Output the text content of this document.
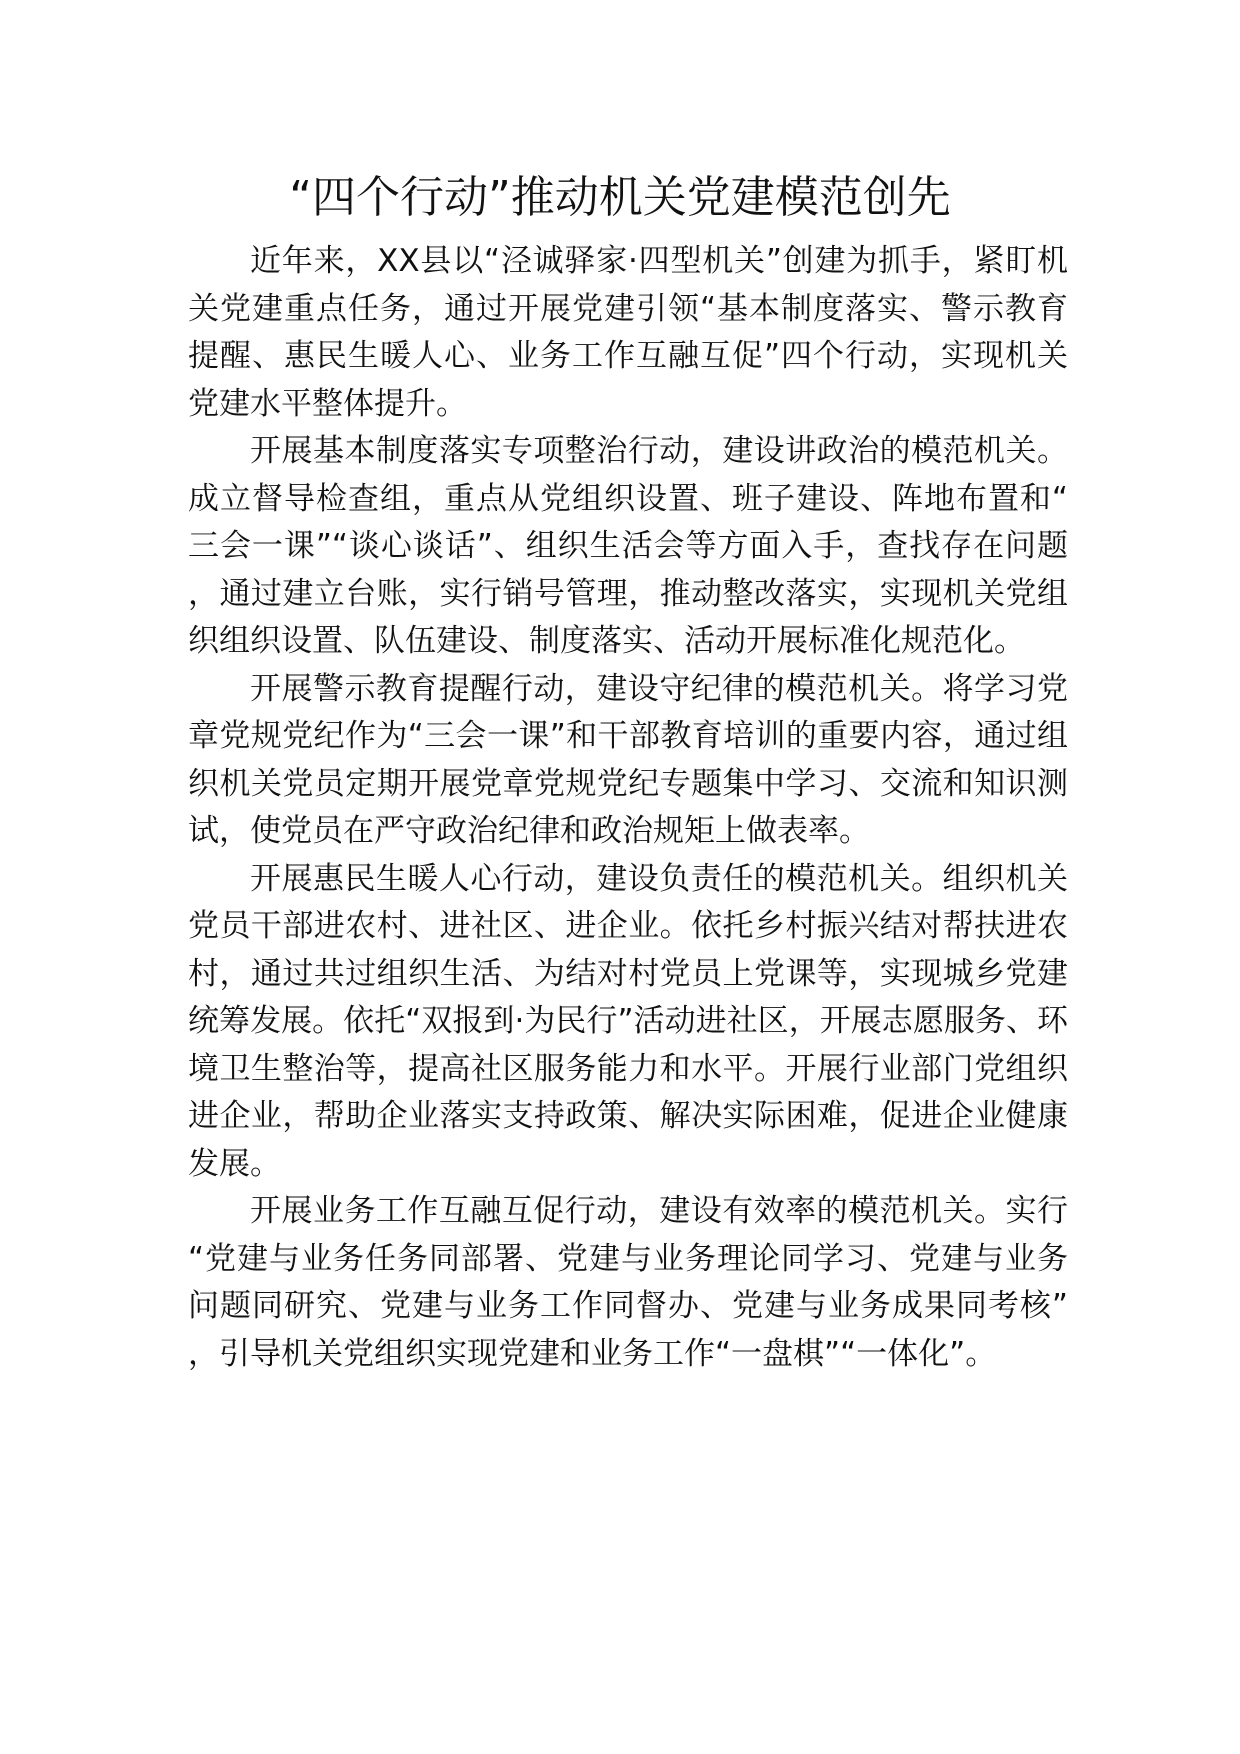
“四个行动”推动机关党建模范创先

近年来，XX县以“泾诚驿家·四型机关”创建为抓手，紧盯机关党建重点任务，通过开展党建引领“基本制度落实、警示教育提醒、惠民生暖人心、业务工作互融互促”四个行动，实现机关党建水平整体提升。

开展基本制度落实专项整治行动，建设讲政治的模范机关。成立督导检查组，重点从党组织设置、班子建设、阵地布置和“三会一课”“谈心谈话”、组织生活会等方面入手，查找存在问题，通过建立台账，实行销号管理，推动整改落实，实现机关党组织组织设置、队伍建设、制度落实、活动开展标准化规范化。

开展警示教育提醒行动，建设守纪律的模范机关。将学习党章党规党纪作为“三会一课”和干部教育培训的重要内容，通过组织机关党员定期开展党章党规党纪专题集中学习、交流和知识测试，使党员在严守政治纪律和政治规矩上做表率。

开展惠民生暖人心行动，建设负责任的模范机关。组织机关党员干部进农村、进社区、进企业。依托乡村振兴结对帮扶进农村，通过共过组织生活、为结对村党员上党课等，实现城乡党建统筹发展。依托“双报到·为民行”活动进社区，开展志愿服务、环境卫生整治等，提高社区服务能力和水平。开展行业部门党组织进企业，帮助企业落实支持政策、解决实际困难，促进企业健康发展。

开展业务工作互融互促行动，建设有效率的模范机关。实行“党建与业务任务同部署、党建与业务理论同学习、党建与业务问题同研究、党建与业务工作同督办、党建与业务成果同考核”，引导机关党组织实现党建和业务工作“一盘棋”“一体化”。
